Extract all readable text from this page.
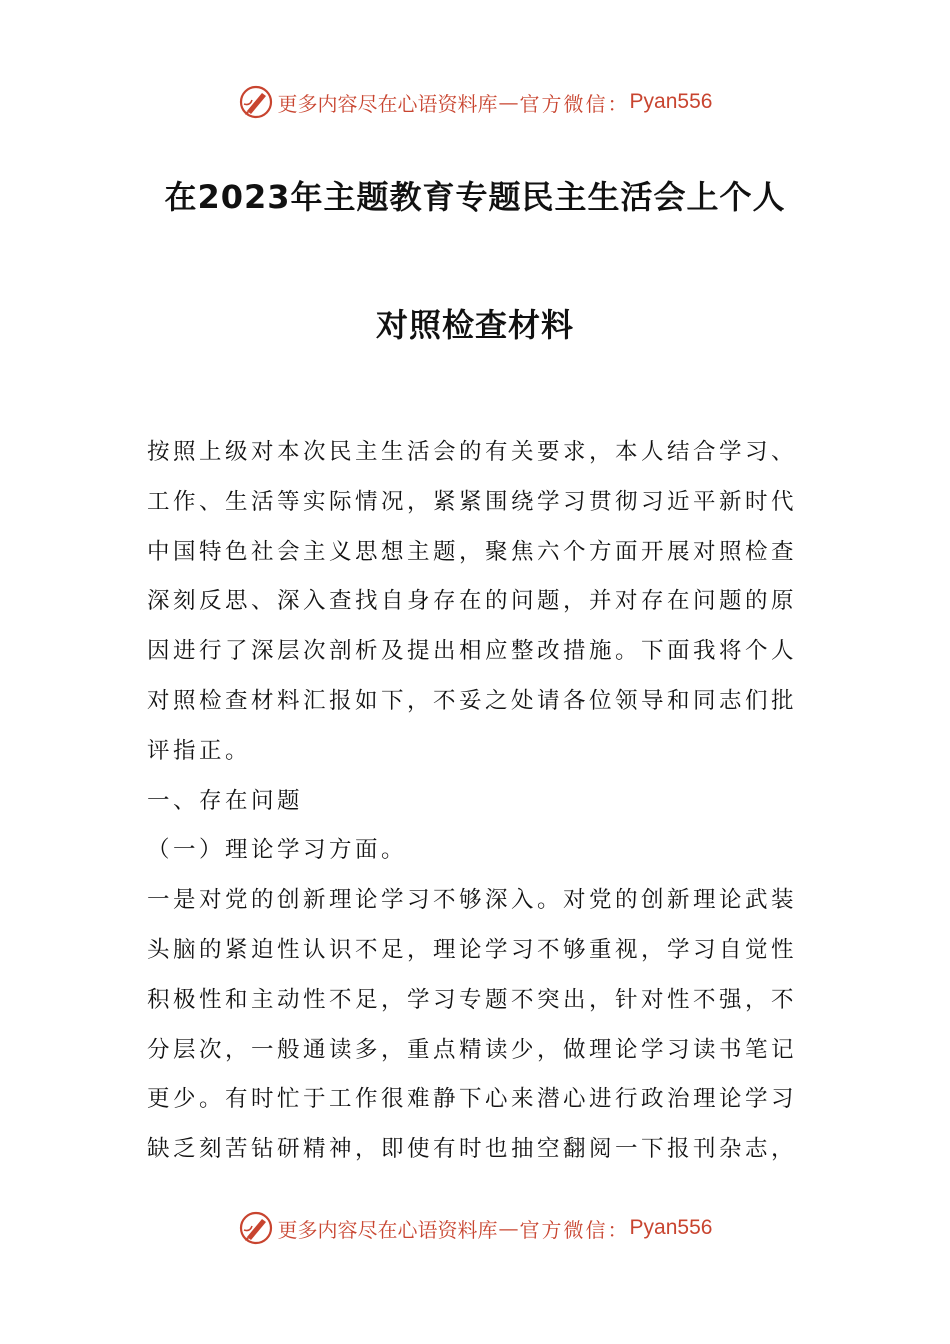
更多内容尽在心语资料库 — 官方微信： Pyan556
在2023年主题教育专题民主生活会上个人
对照检查材料
按照上级对本次民主生活会的有关要求，本人结合学习、
工作、生活等实际情况，紧紧围绕学习贯彻习近平新时代
中国特色社会主义思想主题，聚焦六个方面开展对照检查
深刻反思、深入查找自身存在的问题，并对存在问题的原
因进行了深层次剖析及提出相应整改措施。下面我将个人
对照检查材料汇报如下，不妥之处请各位领导和同志们批
评指正。
一、存在问题
（一）理论学习方面。
一是对党的创新理论学习不够深入。对党的创新理论武装
头脑的紧迫性认识不足，理论学习不够重视，学习自觉性
积极性和主动性不足，学习专题不突出，针对性不强，不
分层次，一般通读多，重点精读少，做理论学习读书笔记
更少。有时忙于工作很难静下心来潜心进行政治理论学习
缺乏刻苦钻研精神，即使有时也抽空翻阅一下报刊杂志，
更多内容尽在心语资料库 — 官方微信： Pyan556
